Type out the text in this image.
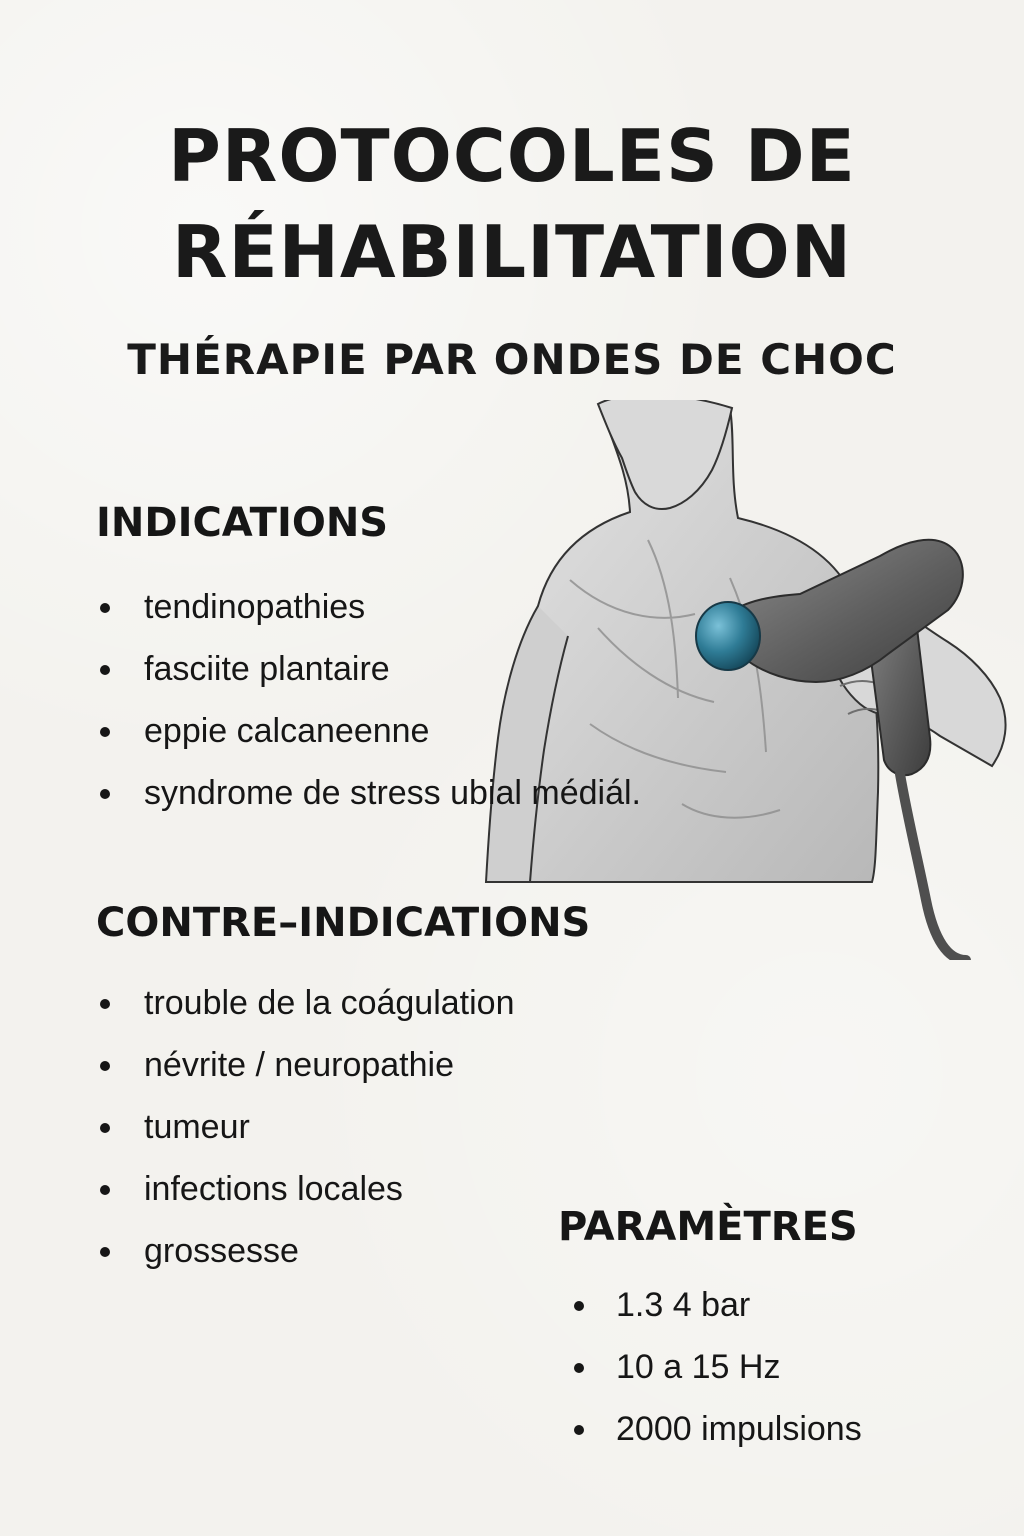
PROTOCOLES DE
RÉHABILITATION
THÉRAPIE PAR ONDES DE CHOC
INDICATIONS
tendinopathies
fasciite plantaire
eppie calcaneenne
syndrome de stress ubial médiál.
CONTRE–INDICATIONS
trouble de la coágulation
névrite / neuropathie
tumeur
infections locales
grossesse
PARAMÈTRES
1.3 4 bar
10 a 15 Hz
2000 impulsions
